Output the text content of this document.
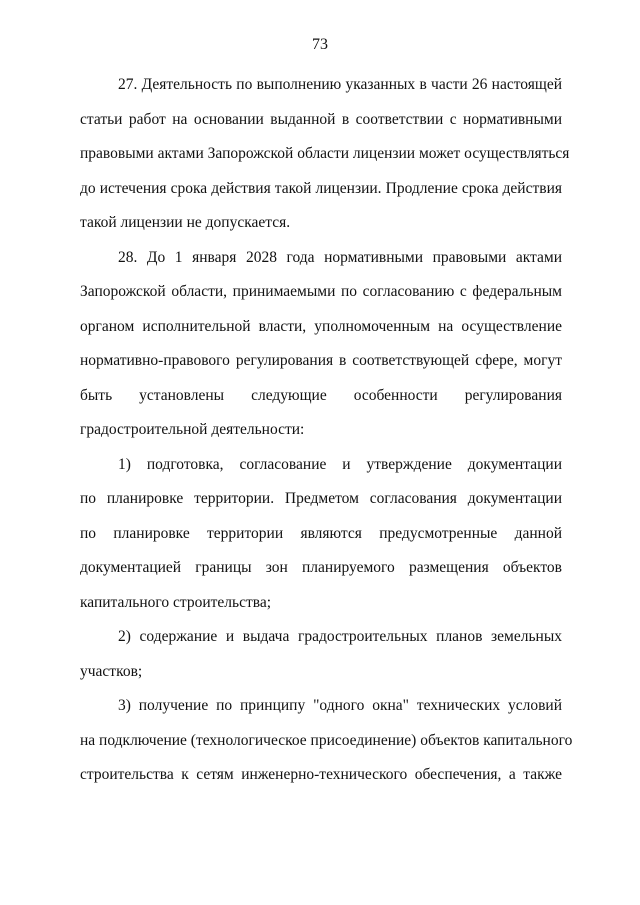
73

27. Деятельность по выполнению указанных в части 26 настоящей
статьи работ на основании выданной в соответствии с нормативными
правовыми актами Запорожской области лицензии может осуществляться
до истечения срока действия такой лицензии. Продление срока действия
такой лицензии не допускается.

28. До 1 января 2028 года нормативными правовыми актами
Запорожской области, принимаемыми по согласованию с федеральным
органом исполнительной власти, уполномоченным на осуществление
нормативно-правового регулирования в соответствующей сфере, могут
быть установлены следующие особенности регулирования
градостроительной деятельности:

1) подготовка, согласование и утверждение документации
по планировке территории. Предметом согласования документации
по планировке территории являются предусмотренные данной
документацией границы зон планируемого размещения объектов
капитального строительства;

2) содержание и выдача градостроительных планов земельных
участков;

3) получение по принципу "одного окна" технических условий
на подключение (технологическое присоединение) объектов капитального
строительства к сетям инженерно-технического обеспечения, а также
